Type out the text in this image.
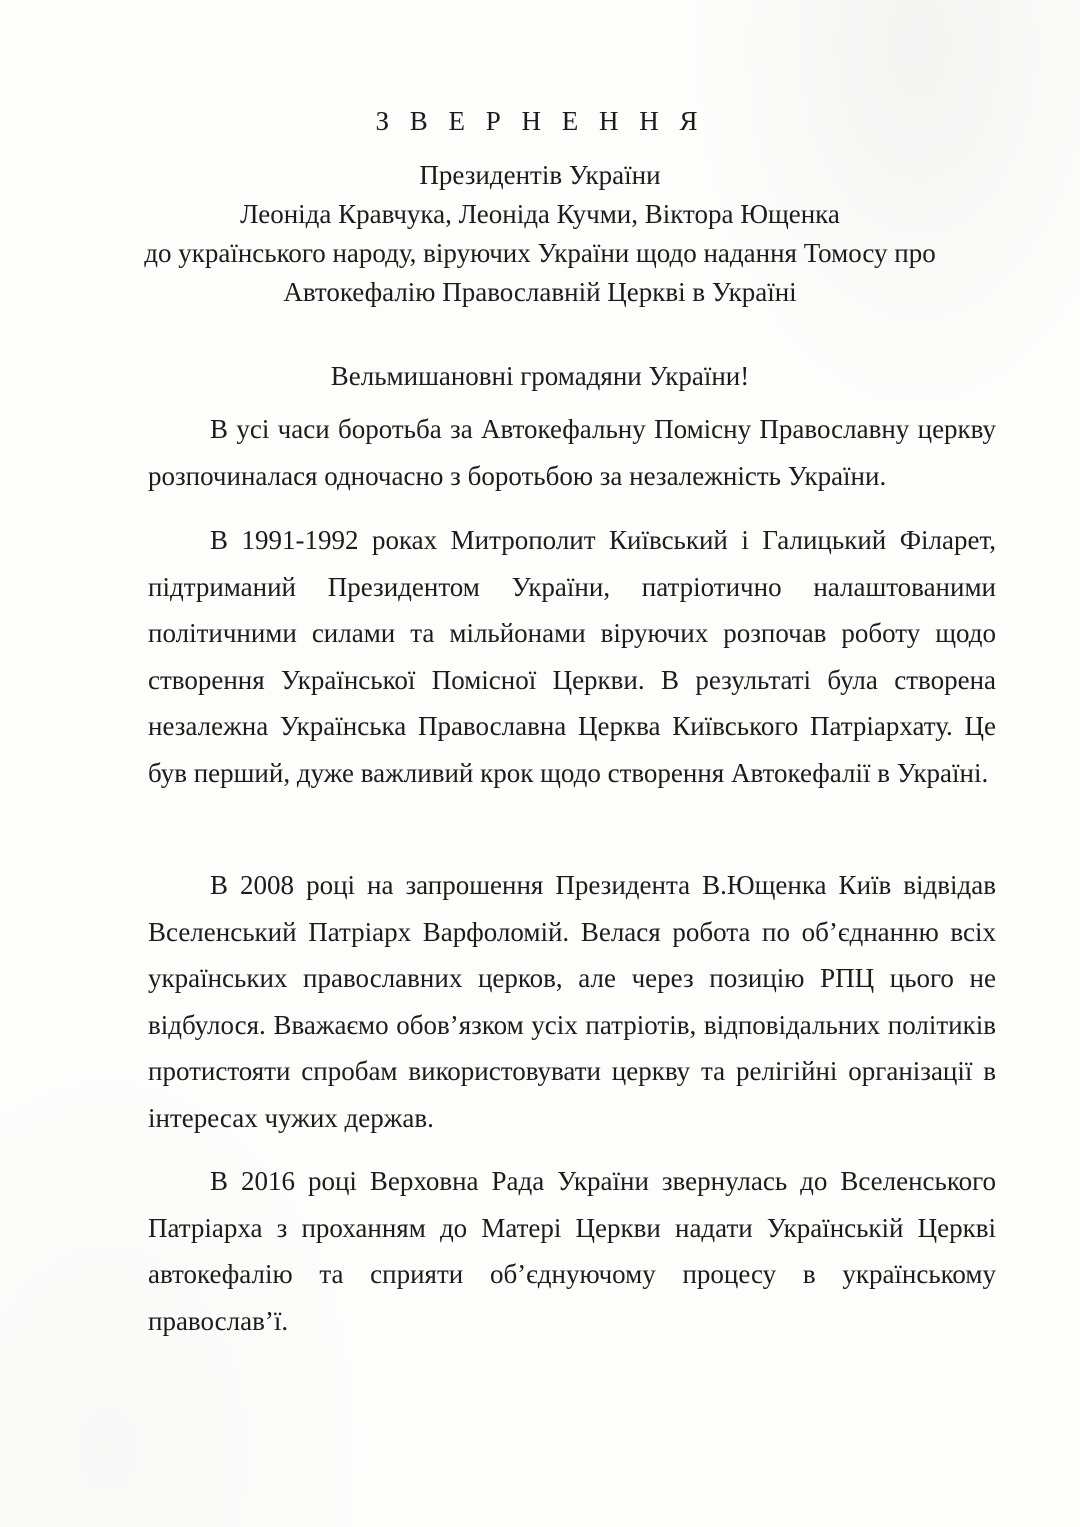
З В Е Р Н Е Н Н Я
Президентів України
Леоніда Кравчука, Леоніда Кучми, Віктора Ющенка
до українського народу, віруючих України щодо надання Томосу про
Автокефалію Православній Церкві в Україні
Вельмишановні громадяни України!

В усі часи боротьба за Автокефальну Помісну Православну церкву розпочиналася одночасно з боротьбою за незалежність України.

В 1991-1992 роках Митрополит Київський і Галицький Філарет, підтриманий Президентом України, патріотично налаштованими політичними силами та мільйонами віруючих розпочав роботу щодо створення Української Помісної Церкви. В результаті була створена незалежна Українська Православна Церква Київського Патріархату. Це був перший, дуже важливий крок щодо створення Автокефалії в Україні.

В 2008 році на запрошення Президента В.Ющенка Київ відвідав Вселенський Патріарх Варфоломій. Велася робота по об’єднанню всіх українських православних церков, але через позицію РПЦ цього не відбулося. Вважаємо обов’язком усіх патріотів, відповідальних політиків протистояти спробам використовувати церкву та релігійні організації в інтересах чужих держав.

В 2016 році Верховна Рада України звернулась до Вселенського Патріарха з проханням до Матері Церкви надати Українській Церкві автокефалію та сприяти об’єднуючому процесу в українському православ’ї.
